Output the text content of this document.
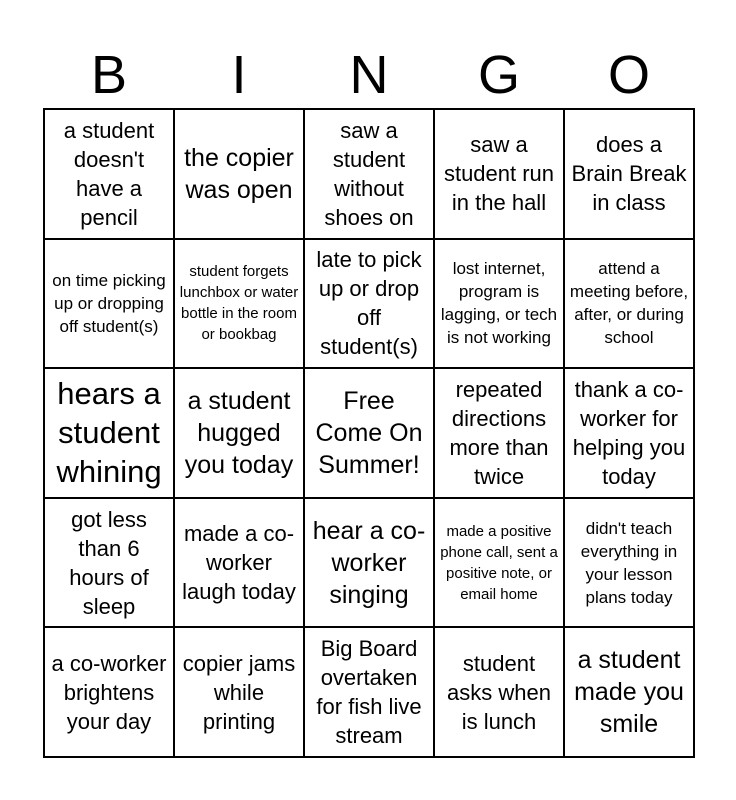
B	I	N	G	O
a student doesn't have a pencil	the copier was open	saw a student without shoes on	saw a student run in the hall	does a Brain Break in class

on time picking up or dropping off student(s)	student forgets lunchbox or water bottle in the room or bookbag	late to pick up or drop off student(s)	lost internet, program is lagging, or tech is not working	attend a meeting before, after, or during school

hears a student whining	a student hugged you today	Free Come On Summer!	repeated directions more than twice	thank a co-worker for helping you today

got less than 6 hours of sleep	made a co-worker laugh today	hear a co-worker singing	made a positive phone call, sent a positive note, or email home	didn't teach everything in your lesson plans today

a co-worker brightens your day	copier jams while printing	Big Board overtaken for fish live stream	student asks when is lunch	a student made you smile
